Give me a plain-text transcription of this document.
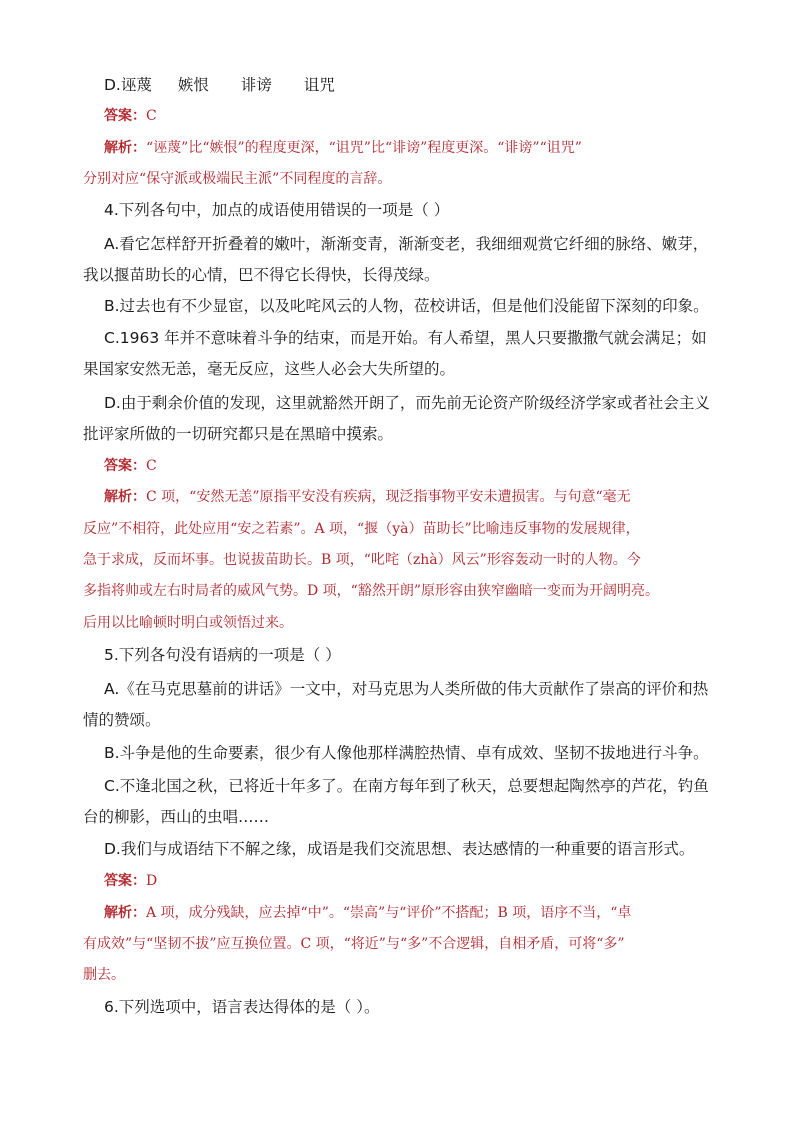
D.诬蔑 嫉恨 诽谤 诅咒
答案：C
解析：“诬蔑”比“嫉恨”的程度更深，“诅咒”比“诽谤”程度更深。“诽谤”“诅咒”
分别对应“保守派或极端民主派”不同程度的言辞。
4.下列各句中，加点的成语使用错误的一项是（ ）
A.看它怎样舒开折叠着的嫩叶，渐渐变青，渐渐变老，我细细观赏它纤细的脉络、嫩芽，
我以揠苗助长的心情，巴不得它长得快，长得茂绿。
B.过去也有不少显宦，以及叱咤风云的人物，莅校讲话，但是他们没能留下深刻的印象。
C.1963 年并不意味着斗争的结束，而是开始。有人希望，黑人只要撒撒气就会满足；如
果国家安然无恙，毫无反应，这些人必会大失所望的。
D.由于剩余价值的发现，这里就豁然开朗了，而先前无论资产阶级经济学家或者社会主义
批评家所做的一切研究都只是在黑暗中摸索。
答案：C
解析：C 项，“安然无恙”原指平安没有疾病，现泛指事物平安未遭损害。与句意“毫无
反应”不相符，此处应用“安之若素”。A 项，“揠（yà）苗助长”比喻违反事物的发展规律，
急于求成，反而坏事。也说拔苗助长。B 项，“叱咤（zhà）风云”形容轰动一时的人物。今
多指将帅或左右时局者的威风气势。D 项，“豁然开朗”原形容由狭窄幽暗一变而为开阔明亮。
后用以比喻顿时明白或领悟过来。
5.下列各句没有语病的一项是（ ）
A.《在马克思墓前的讲话》一文中，对马克思为人类所做的伟大贡献作了崇高的评价和热
情的赞颂。
B.斗争是他的生命要素，很少有人像他那样满腔热情、卓有成效、坚韧不拔地进行斗争。
C.不逢北国之秋，已将近十年多了。在南方每年到了秋天，总要想起陶然亭的芦花，钓鱼
台的柳影，西山的虫唱……
D.我们与成语结下不解之缘，成语是我们交流思想、表达感情的一种重要的语言形式。
答案：D
解析：A 项，成分残缺，应去掉“中”。“崇高”与“评价”不搭配；B 项，语序不当，“卓
有成效”与“坚韧不拔”应互换位置。C 项，“将近”与“多”不合逻辑，自相矛盾，可将“多”
删去。
6.下列选项中，语言表达得体的是（ ）。
